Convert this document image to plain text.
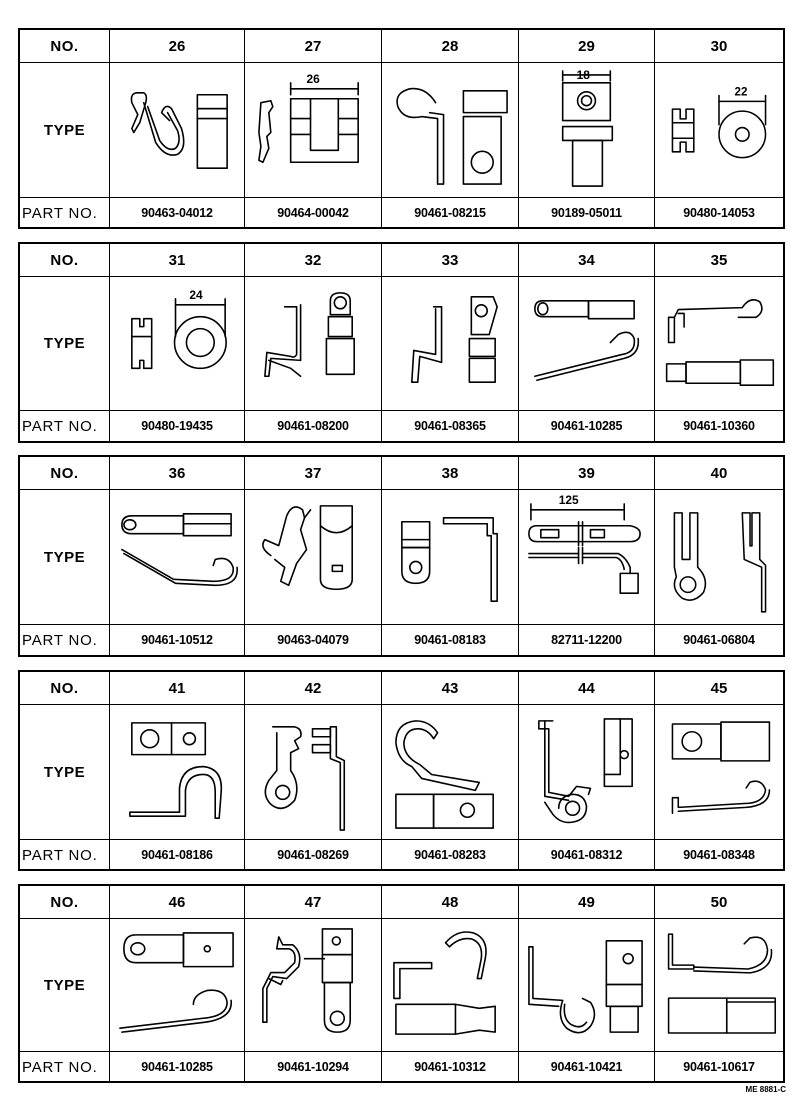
NO.	26	27	28	29	30
TYPE
26	18
22
PART NO.	90463-04012	90464-00042	90461-08215	90189-05011	90480-14053
NO.	31	32	33	34	35
TYPE
24
PART NO.	90480-19435	90461-08200	90461-08365	90461-10285	90461-10360
NO.	36	37	38	39	40
TYPE
125
PART NO.	90461-10512	90463-04079	90461-08183	82711-12200	90461-06804
NO.	41	42	43	44	45
TYPE
PART NO.	90461-08186	90461-08269	90461-08283	90461-08312	90461-08348
NO.	46	47	48	49	50
TYPE
PART NO.	90461-10285	90461-10294	90461-10312	90461-10421	90461-10617
ME 8881-C
